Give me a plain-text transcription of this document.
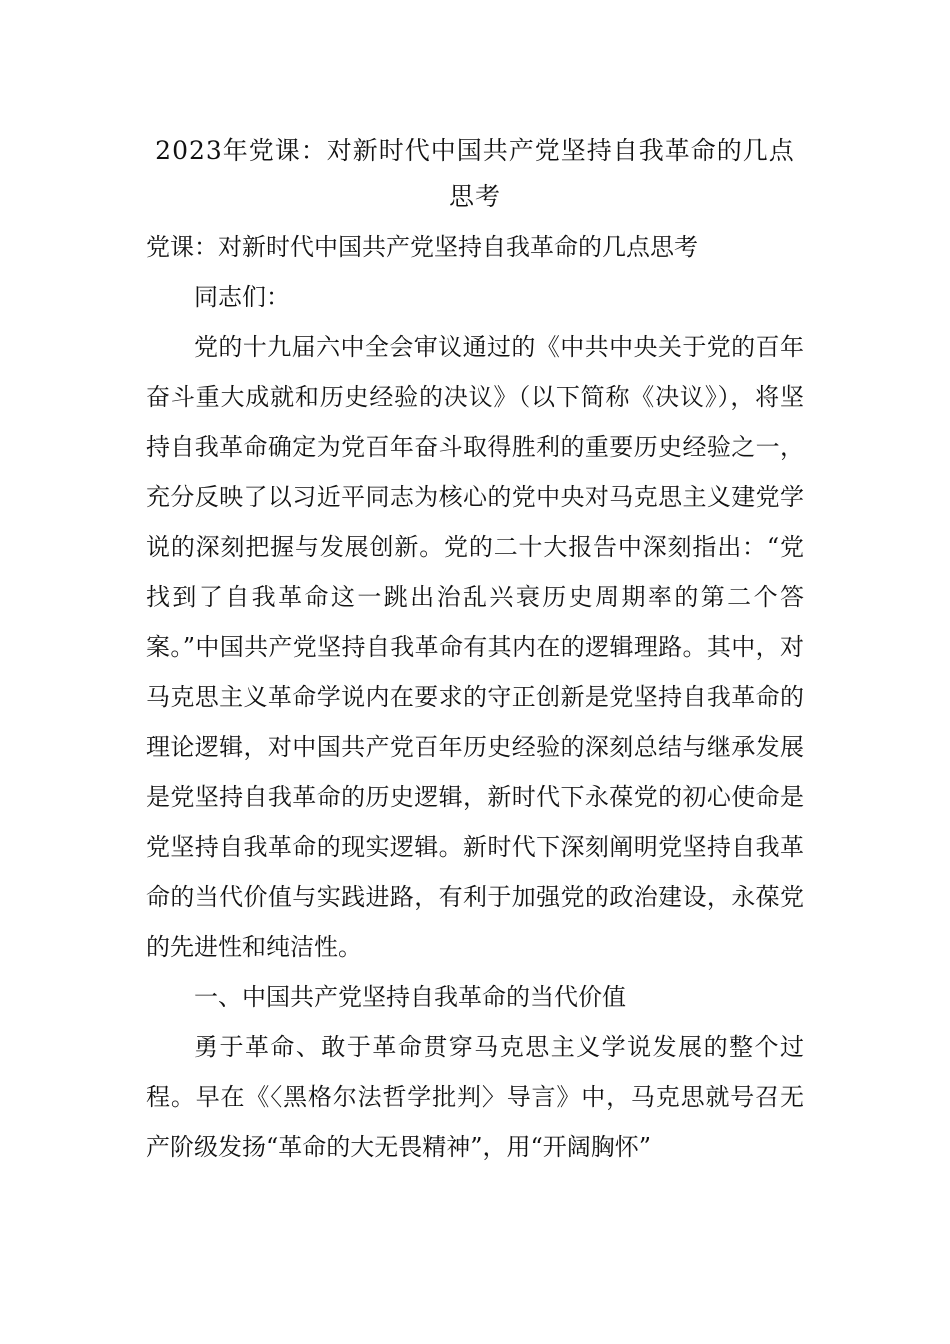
2023年党课：对新时代中国共产党坚持自我革命的几点思考
党课：对新时代中国共产党坚持自我革命的几点思考

同志们：

党的十九届六中全会审议通过的《中共中央关于党的百年奋斗重大成就和历史经验的决议》（以下简称《决议》），将坚持自我革命确定为党百年奋斗取得胜利的重要历史经验之一，充分反映了以习近平同志为核心的党中央对马克思主义建党学说的深刻把握与发展创新。党的二十大报告中深刻指出：“党找到了自我革命这一跳出治乱兴衰历史周期率的第二个答案。”中国共产党坚持自我革命有其内在的逻辑理路。其中，对马克思主义革命学说内在要求的守正创新是党坚持自我革命的理论逻辑，对中国共产党百年历史经验的深刻总结与继承发展是党坚持自我革命的历史逻辑，新时代下永葆党的初心使命是党坚持自我革命的现实逻辑。新时代下深刻阐明党坚持自我革命的当代价值与实践进路，有利于加强党的政治建设，永葆党的先进性和纯洁性。

一、中国共产党坚持自我革命的当代价值

勇于革命、敢于革命贯穿马克思主义学说发展的整个过程。早在《〈黑格尔法哲学批判〉导言》中，马克思就号召无产阶级发扬“革命的大无畏精神”，用“开阔胸怀”
